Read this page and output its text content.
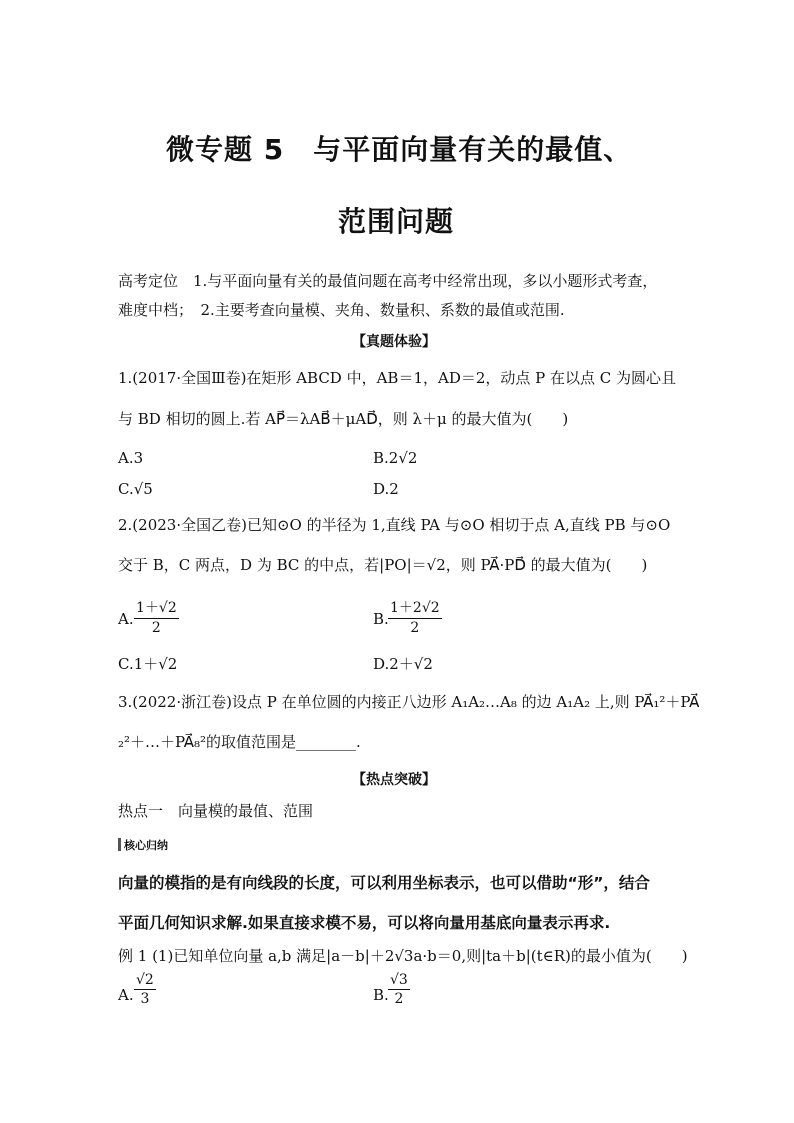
微专题 5　与平面向量有关的最值、
范围问题
高考定位　1.与平面向量有关的最值问题在高考中经常出现，多以小题形式考查，
难度中档；　2.主要考查向量模、夹角、数量积、系数的最值或范围.
【真题体验】
1.(2017·全国Ⅲ卷)在矩形 ABCD 中，AB＝1，AD＝2，动点 P 在以点 C 为圆心且
与 BD 相切的圆上.若 AP⃗＝λAB⃗＋μAD⃗，则 λ＋μ 的最大值为(　　)
A.3	B.2√2
C.√5	D.2
2.(2023·全国乙卷)已知⊙O 的半径为 1,直线 PA 与⊙O 相切于点 A,直线 PB 与⊙O
交于 B，C 两点，D 为 BC 的中点，若|PO|＝√2，则 PA⃗·PD⃗ 的最大值为(　　)
A. $\frac{1+√2}{2}$	B. $\frac{1+2√2}{2}$
C.1＋√2	D.2＋√2
3.(2022·浙江卷)设点 P 在单位圆的内接正八边形 A₁A₂…A₈ 的边 A₁A₂ 上,则 PA⃗₁²＋PA⃗
₂²＋…＋PA⃗₈²的取值范围是________.
【热点突破】
热点一　向量模的最值、范围
核心归纳
向量的模指的是有向线段的长度，可以利用坐标表示，也可以借助“形”，结合
平面几何知识求解.如果直接求模不易，可以将向量用基底向量表示再求.
例 1 (1)已知单位向量 a,b 满足|a－b|＋2√3a·b＝0,则|ta＋b|(t∈R)的最小值为(　　)
A. $\frac{√2}{3}$	B. $\frac{√3}{2}$
